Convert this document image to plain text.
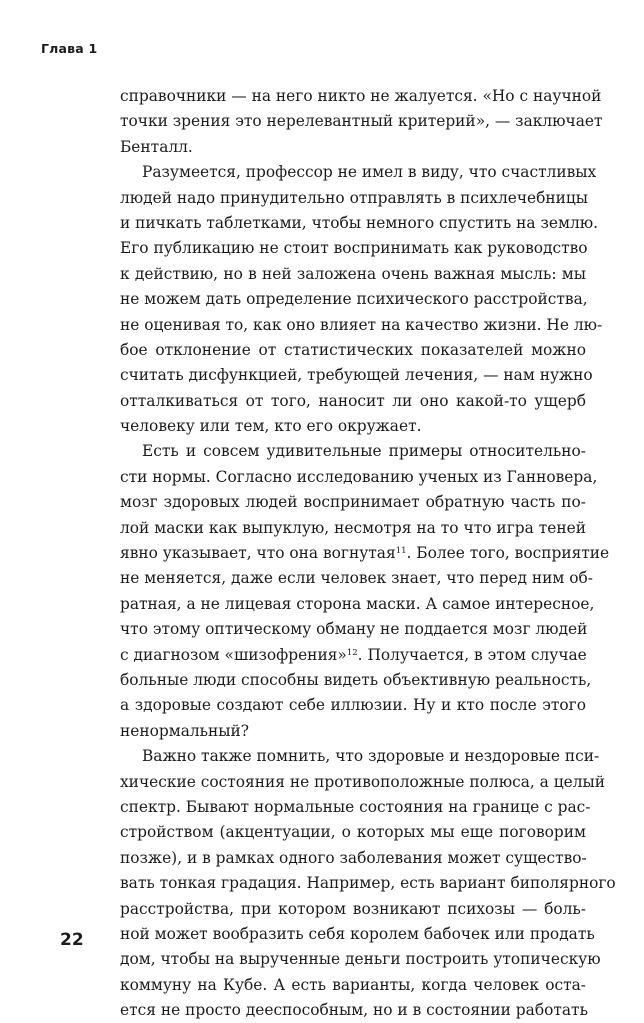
Глава 1
справочники — на него никто не жалуется. «Но с научной
точки зрения это нерелевантный критерий», — заключает
Бенталл.
Разумеется, профессор не имел в виду, что счастливых
людей надо принудительно отправлять в психлечебницы
и пичкать таблетками, чтобы немного спустить на землю.
Его публикацию не стоит воспринимать как руководство
к действию, но в ней заложена очень важная мысль: мы
не можем дать определение психического расстройства,
не оценивая то, как оно влияет на качество жизни. Не лю-
бое отклонение от статистических показателей можно
считать дисфункцией, требующей лечения, — нам нужно
отталкиваться от того, наносит ли оно какой-то ущерб
человеку или тем, кто его окружает.
Есть и совсем удивительные примеры относительно-
сти нормы. Согласно исследованию ученых из Ганновера,
мозг здоровых людей воспринимает обратную часть по-
лой маски как выпуклую, несмотря на то что игра теней
явно указывает, что она вогнутая$^{11}$. Более того, восприятие
не меняется, даже если человек знает, что перед ним об-
ратная, а не лицевая сторона маски. А самое интересное,
что этому оптическому обману не поддается мозг людей
с диагнозом «шизофрения»$^{12}$. Получается, в этом случае
больные люди способны видеть объективную реальность,
а здоровые создают себе иллюзии. Ну и кто после этого
ненормальный?
Важно также помнить, что здоровые и нездоровые пси-
хические состояния не противоположные полюса, а целый
спектр. Бывают нормальные состояния на границе с рас-
стройством (акцентуации, о которых мы еще поговорим
позже), и в рамках одного заболевания может существо-
вать тонкая градация. Например, есть вариант биполярного
расстройства, при котором возникают психозы — боль-
ной может вообразить себя королем бабочек или продать
дом, чтобы на вырученные деньги построить утопическую
коммуну на Кубе. А есть варианты, когда человек оста-
ется не просто дееспособным, но и в состоянии работать
22
